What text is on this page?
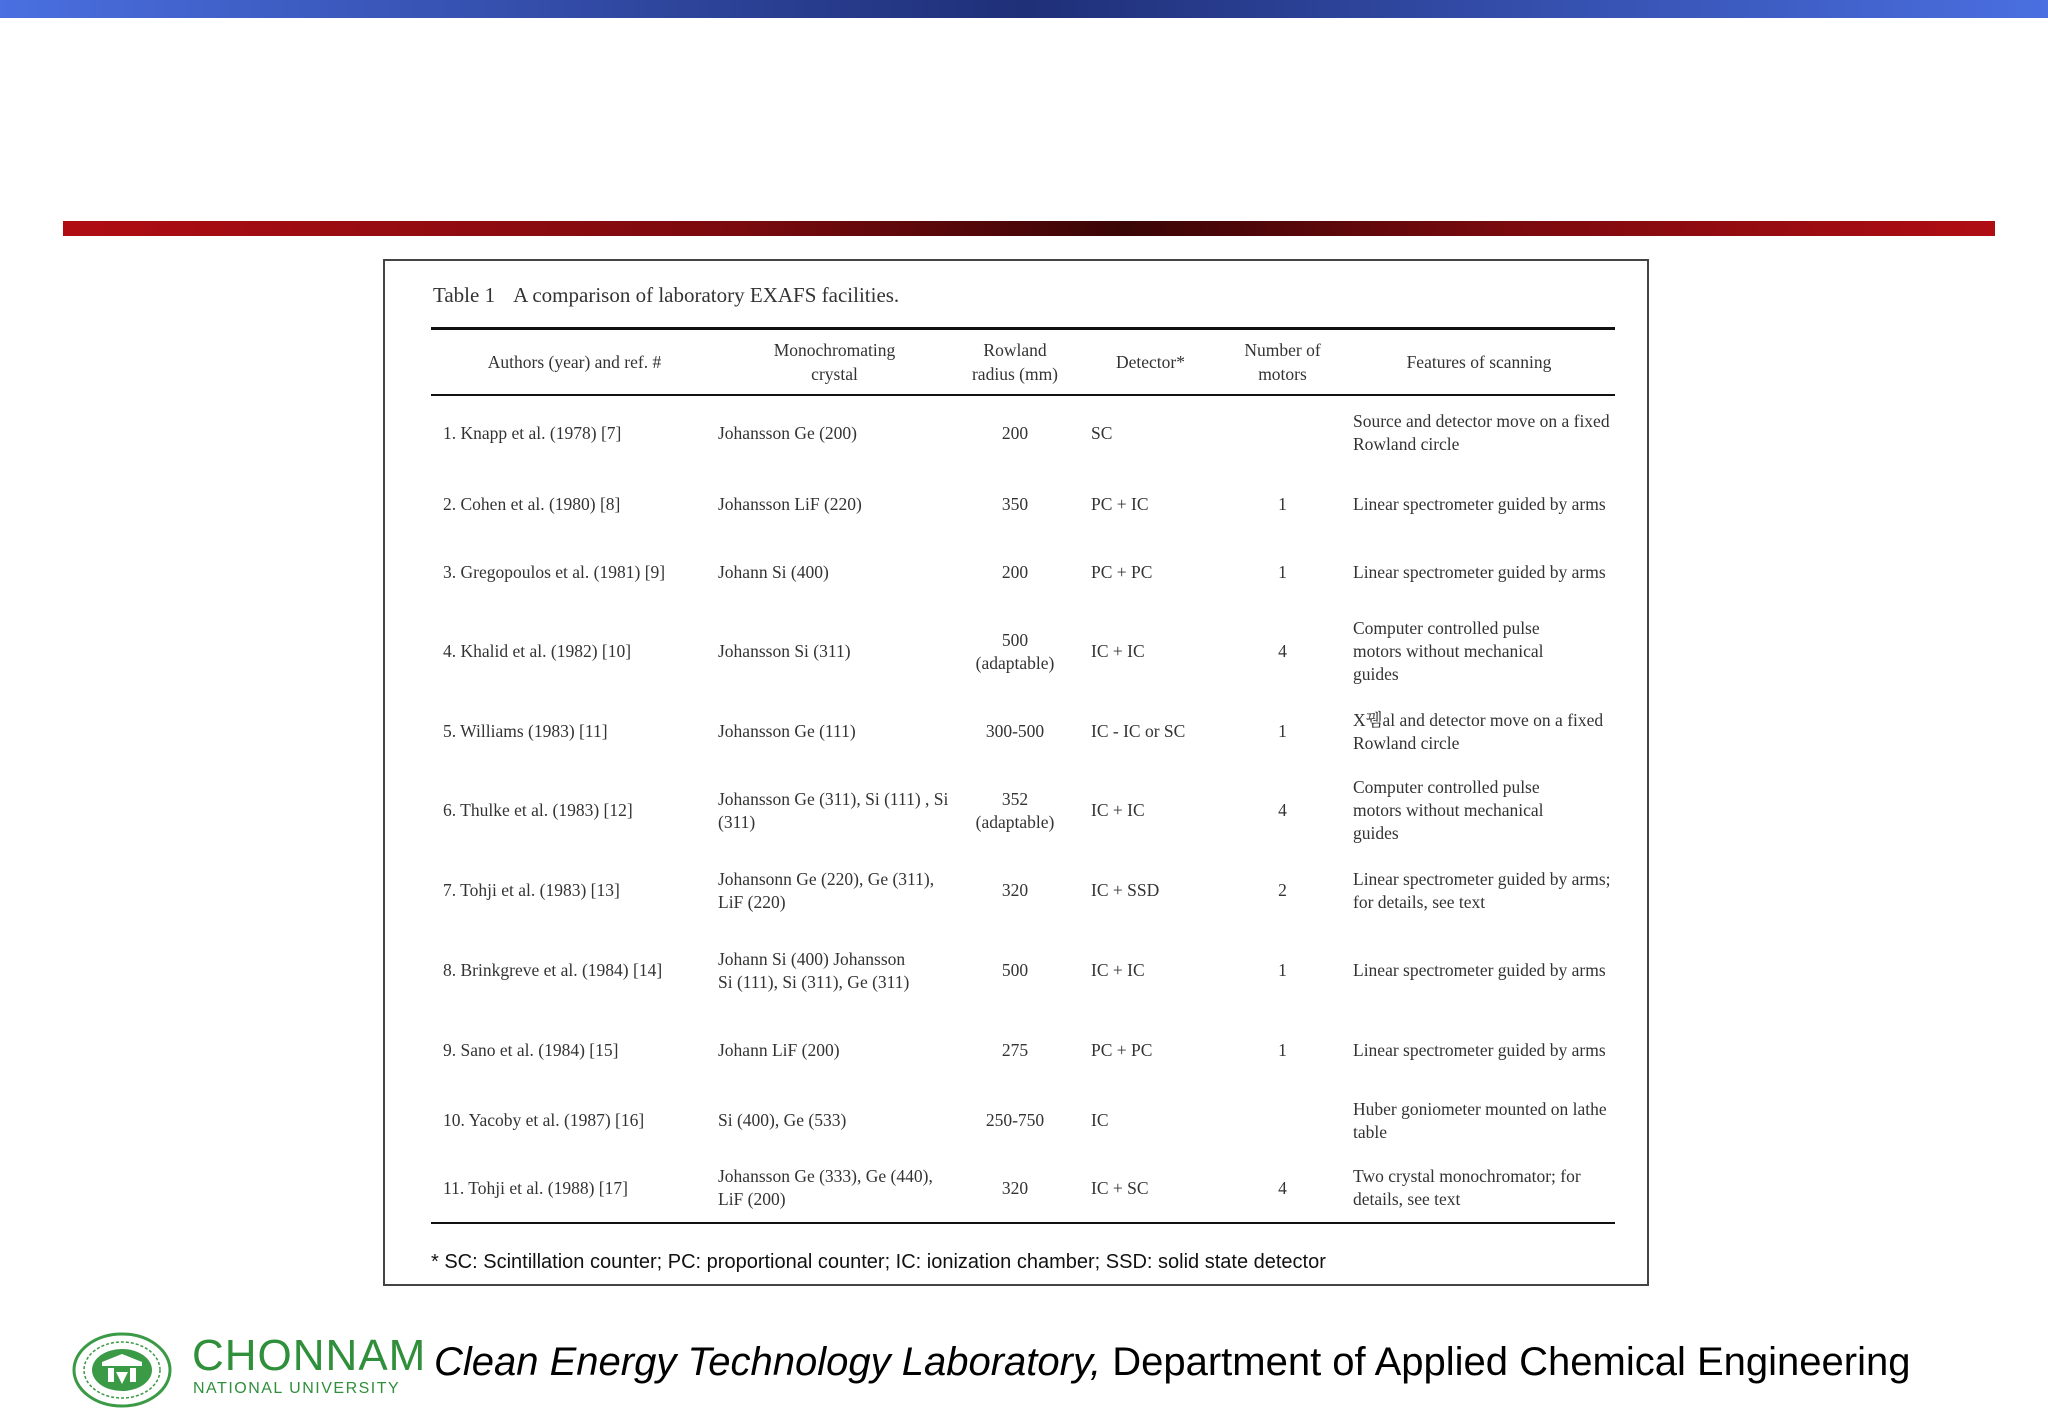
Table 1 A comparison of laboratory EXAFS facilities.
Authors (year) and ref. #	Monochromating crystal	Rowland radius (mm)	Detector*	Number of motors	Features of scanning
1. Knapp et al. (1978) [7]	Johansson Ge (200)	200	SC		Source and detector move on a fixed Rowland circle
2. Cohen et al. (1980) [8]	Johansson LiF (220)	350	PC + IC	1	Linear spectrometer guided by arms
3. Gregopoulos et al. (1981) [9]	Johann Si (400)	200	PC + PC	1	Linear spectrometer guided by arms
4. Khalid et al. (1982) [10]	Johansson Si (311)	500 (adaptable)	IC + IC	4	Computer controlled pulse motors without mechanical guides
5. Williams (1983) [11]	Johansson Ge (111)	300-500	IC - IC or SC	1	X뀀al and detector move on a fixed Rowland circle
6. Thulke et al. (1983) [12]	Johansson Ge (311), Si (111) , Si (311)	352 (adaptable)	IC + IC	4	Computer controlled pulse motors without mechanical guides
7. Tohji et al. (1983) [13]	Johansonn Ge (220), Ge (311), LiF (220)	320	IC + SSD	2	Linear spectrometer guided by arms; for details, see text
8. Brinkgreve et al. (1984) [14]	Johann Si (400) Johansson Si (111), Si (311), Ge (311)	500	IC + IC	1	Linear spectrometer guided by arms
9. Sano et al. (1984) [15]	Johann LiF (200)	275	PC + PC	1	Linear spectrometer guided by arms
10. Yacoby et al. (1987) [16]	Si (400), Ge (533)	250-750	IC		Huber goniometer mounted on lathe table
11. Tohji et al. (1988) [17]	Johansson Ge (333), Ge (440), LiF (200)	320	IC + SC	4	Two crystal monochromator; for details, see text
* SC: Scintillation counter; PC: proportional counter; IC: ionization chamber; SSD: solid state detector
CHONNAM
NATIONAL UNIVERSITY
Clean Energy Technology Laboratory, Department of Applied Chemical Engineering
